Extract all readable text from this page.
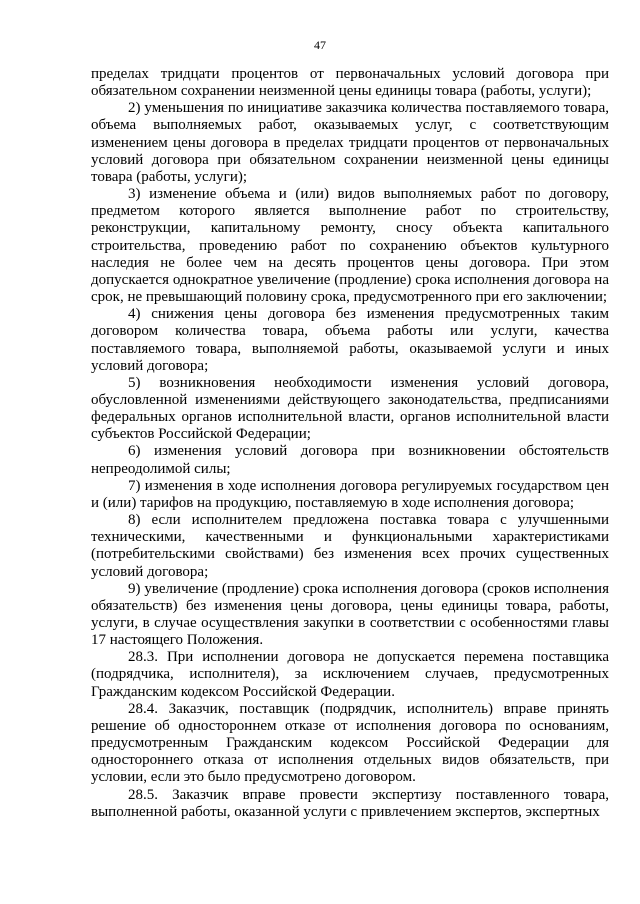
47

пределах тридцати процентов от первоначальных условий договора при обязательном сохранении неизменной цены единицы товара (работы, услуги);

2) уменьшения по инициативе заказчика количества поставляемого товара, объема выполняемых работ, оказываемых услуг, с соответствующим изменением цены договора в пределах тридцати процентов от первоначальных условий договора при обязательном сохранении неизменной цены единицы товара (работы, услуги);

3) изменение объема и (или) видов выполняемых работ по договору, предметом которого является выполнение работ по строительству, реконструкции, капитальному ремонту, сносу объекта капитального строительства, проведению работ по сохранению объектов культурного наследия не более чем на десять процентов цены договора. При этом допускается однократное увеличение (продление) срока исполнения договора на срок, не превышающий половину срока, предусмотренного при его заключении;

4) снижения цены договора без изменения предусмотренных таким договором количества товара, объема работы или услуги, качества поставляемого товара, выполняемой работы, оказываемой услуги и иных условий договора;

5) возникновения необходимости изменения условий договора, обусловленной изменениями действующего законодательства, предписаниями федеральных органов исполнительной власти, органов исполнительной власти субъектов Российской Федерации;

6) изменения условий договора при возникновении обстоятельств непреодолимой силы;

7) изменения в ходе исполнения договора регулируемых государством цен и (или) тарифов на продукцию, поставляемую в ходе исполнения договора;

8) если исполнителем предложена поставка товара с улучшенными техническими, качественными и функциональными характеристиками (потребительскими свойствами) без изменения всех прочих существенных условий договора;

9) увеличение (продление) срока исполнения договора (сроков исполнения обязательств) без изменения цены договора, цены единицы товара, работы, услуги, в случае осуществления закупки в соответствии с особенностями главы 17 настоящего Положения.

28.3. При исполнении договора не допускается перемена поставщика (подрядчика, исполнителя), за исключением случаев, предусмотренных Гражданским кодексом Российской Федерации.

28.4. Заказчик, поставщик (подрядчик, исполнитель) вправе принять решение об одностороннем отказе от исполнения договора по основаниям, предусмотренным Гражданским кодексом Российской Федерации для одностороннего отказа от исполнения отдельных видов обязательств, при условии, если это было предусмотрено договором.

28.5. Заказчик вправе провести экспертизу поставленного товара, выполненной работы, оказанной услуги с привлечением экспертов, экспертных
